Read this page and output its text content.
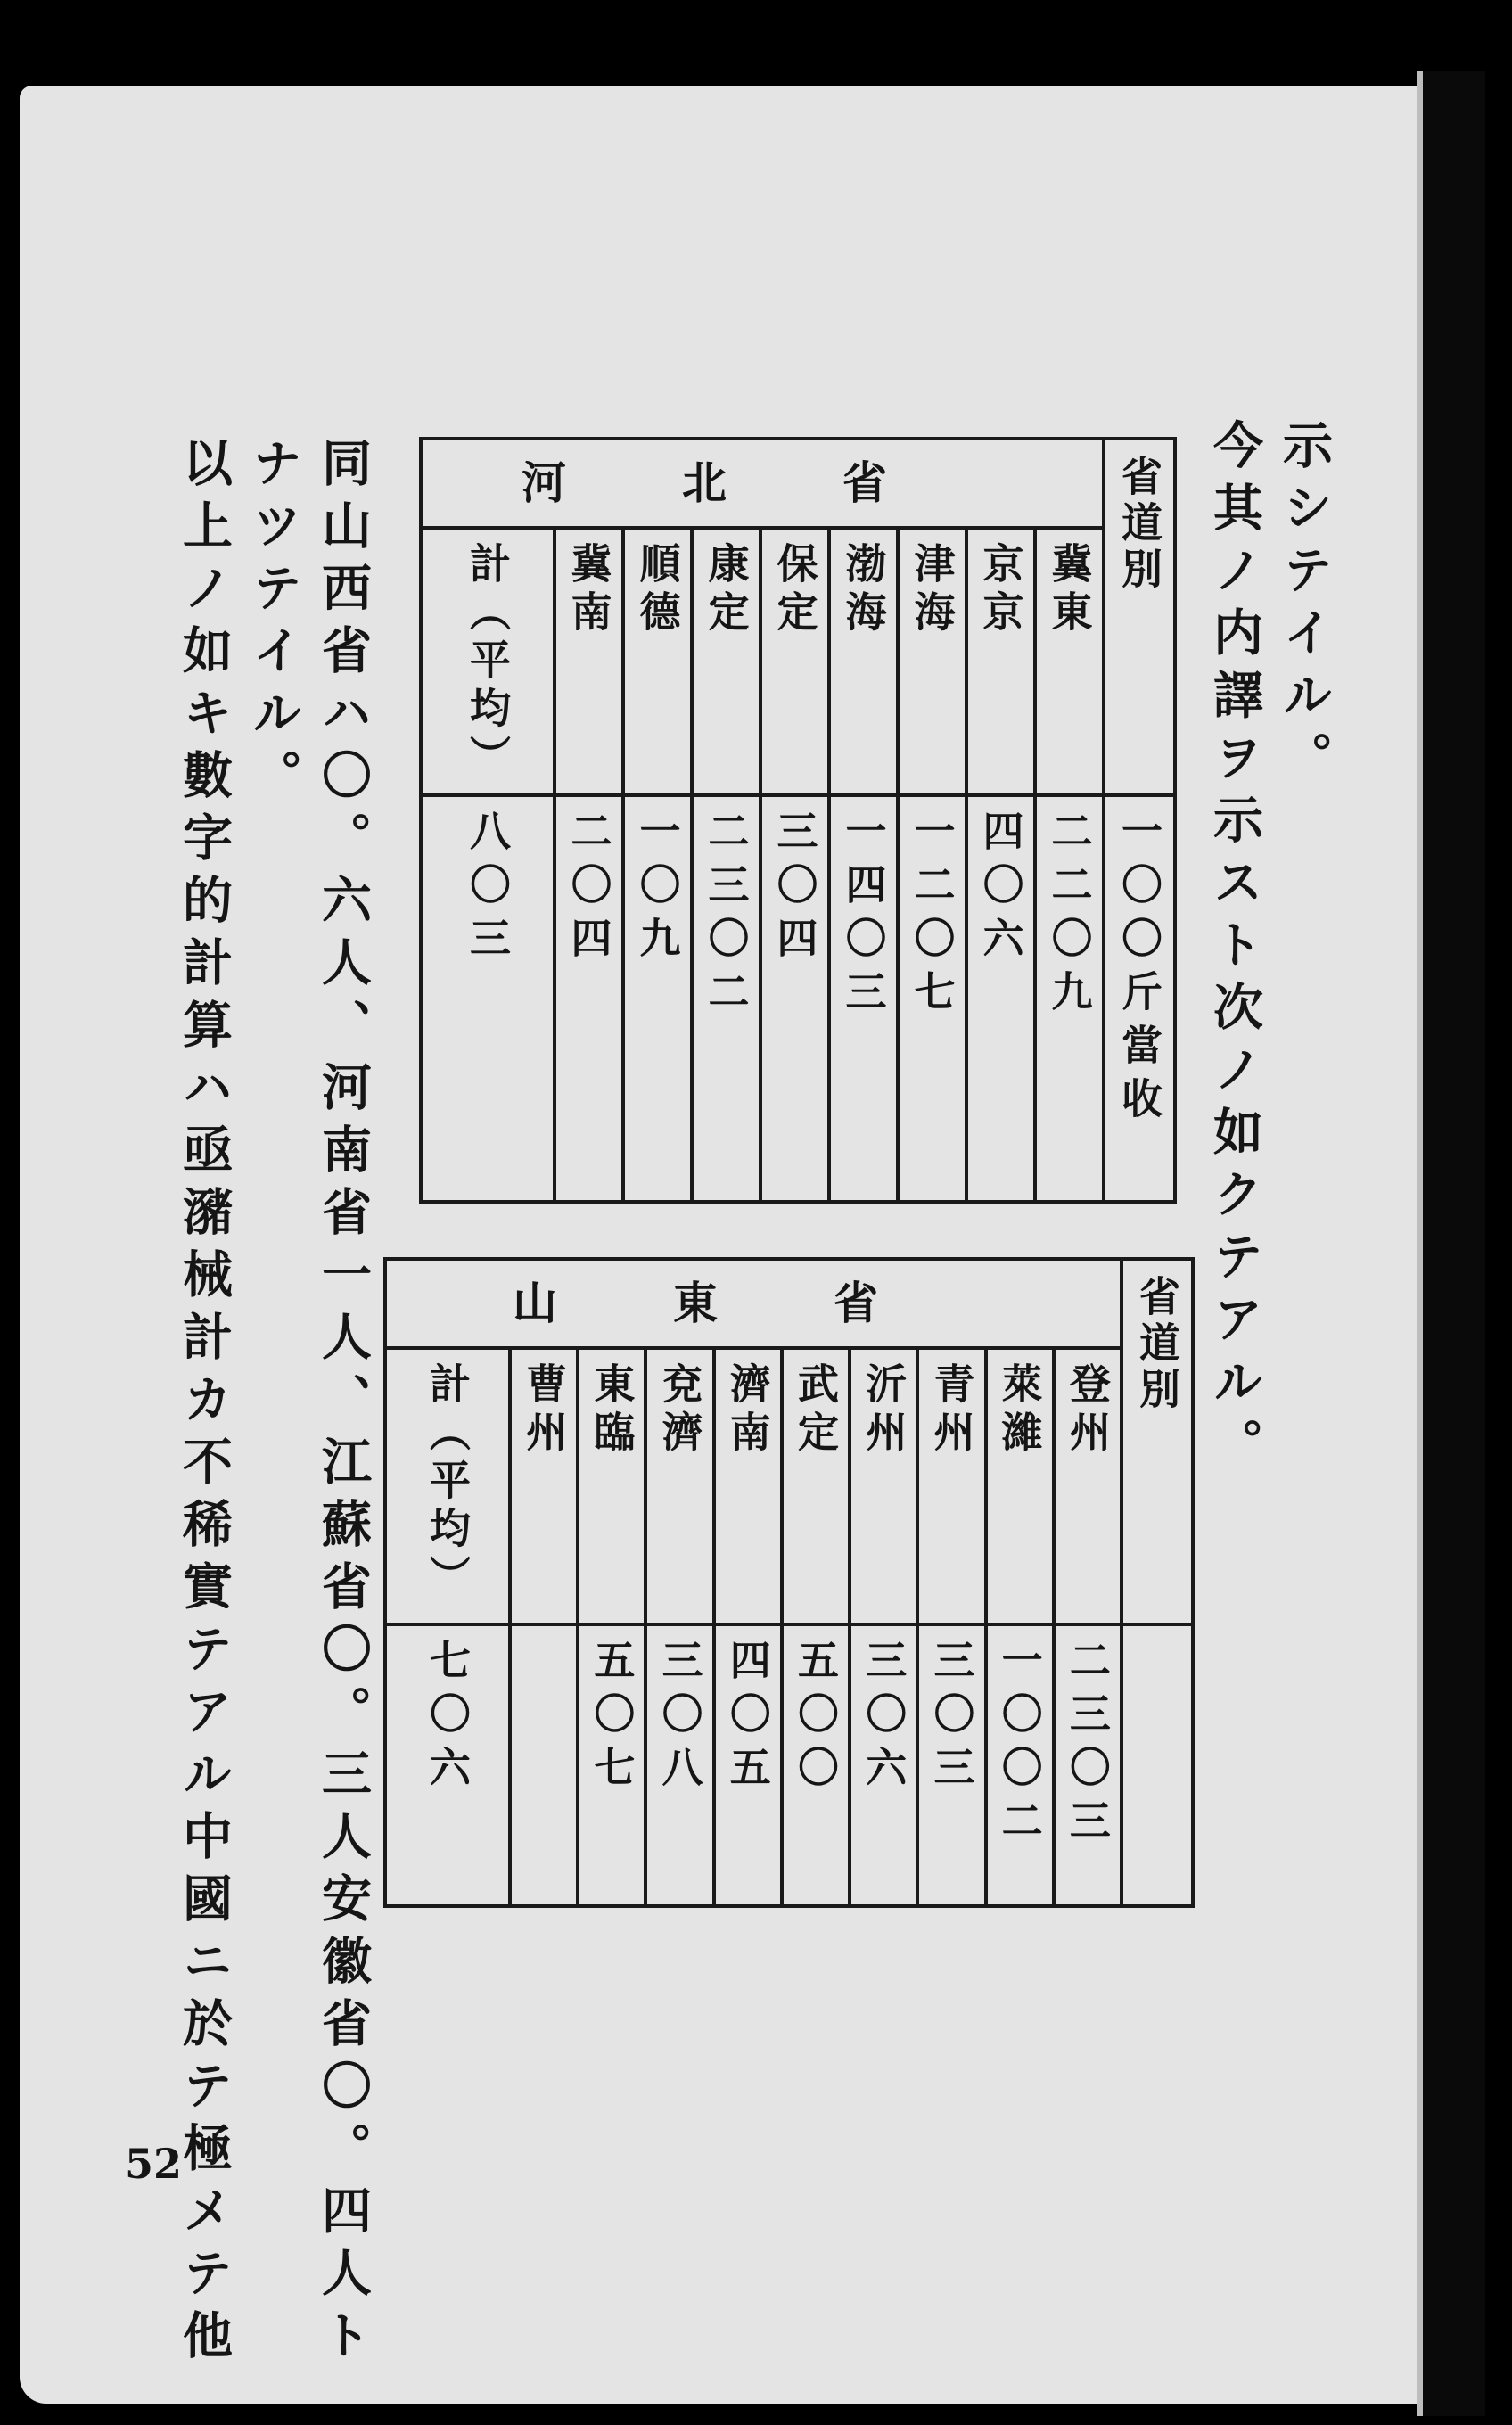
示シテイル。
今其ノ内譯ヲ示スト次ノ如クテアル。
河北省									省道別

計（平均）	冀南	順德	康定	保定	渤海	津海	京京	冀東	

八〇三	二〇四	一〇九	二三〇二	三〇四	一四〇三	一二〇七	四〇六	二二〇九	一〇〇斤當收
山東省										省道別

計（平均）	曹州	東臨	兗濟	濟南	武定	沂州	青州	萊濰	登州	

七〇六		五〇七	三〇八	四〇五	五〇〇	三〇六	三〇三	一〇〇二	二三〇三	

同山西省ハ〇。六人、河南省一人、江蘇省〇。三人安徽省〇。四人ト
ナツテイル。
以上ノ如キ數字的計算ハ亟瀦械計カ不稀實テアル中國ニ於テ極メテ他
52
